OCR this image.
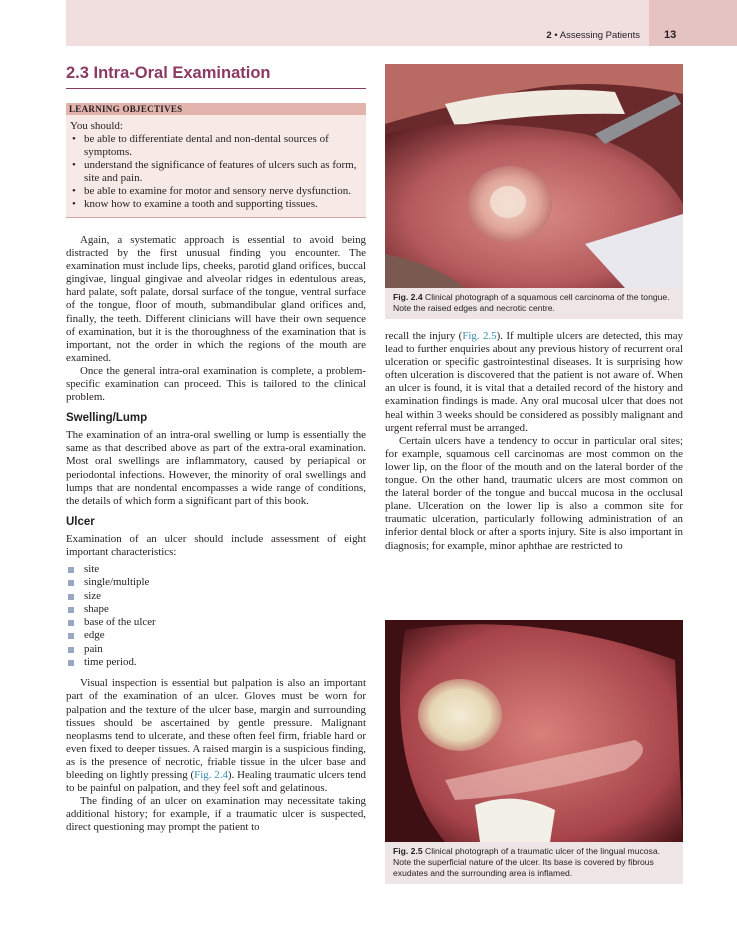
2 • Assessing Patients 13
2.3 Intra-Oral Examination
LEARNING OBJECTIVES
You should:
• be able to differentiate dental and non-dental sources of symptoms.
• understand the significance of features of ulcers such as form, site and pain.
• be able to examine for motor and sensory nerve dysfunction.
• know how to examine a tooth and supporting tissues.

Again, a systematic approach is essential to avoid being distracted by the first unusual finding you encounter. The examination must include lips, cheeks, parotid gland orifices, buccal gingivae, lingual gingivae and alveolar ridges in edentulous areas, hard palate, soft palate, dorsal surface of the tongue, ventral surface of the tongue, floor of mouth, submandibular gland orifices and, finally, the teeth. Different clinicians will have their own sequence of examination, but it is the thoroughness of the examination that is important, not the order in which the regions of the mouth are examined.

Once the general intra-oral examination is complete, a problem-specific examination can proceed. This is tailored to the clinical problem.

Swelling/Lump

The examination of an intra-oral swelling or lump is essentially the same as that described above as part of the extra-oral examination. Most oral swellings are inflammatory, caused by periapical or periodontal infections. However, the minority of oral swellings and lumps that are nondental encompasses a wide range of conditions, the details of which form a significant part of this book.

Ulcer

Examination of an ulcer should include assessment of eight important characteristics:

site
single/multiple
size
shape
base of the ulcer
edge
pain
time period.

Visual inspection is essential but palpation is also an important part of the examination of an ulcer. Gloves must be worn for palpation and the texture of the ulcer base, margin and surrounding tissues should be ascertained by gentle pressure. Malignant neoplasms tend to ulcerate, and these often feel firm, friable hard or even fixed to deeper tissues. A raised margin is a suspicious finding, as is the presence of necrotic, friable tissue in the ulcer base and bleeding on lightly pressing (Fig. 2.4). Healing traumatic ulcers tend to be painful on palpation, and they feel soft and gelatinous.

The finding of an ulcer on examination may necessitate taking additional history; for example, if a traumatic ulcer is suspected, direct questioning may prompt the patient to

Fig. 2.4 Clinical photograph of a squamous cell carcinoma of the tongue. Note the raised edges and necrotic centre.

recall the injury (Fig. 2.5). If multiple ulcers are detected, this may lead to further enquiries about any previous history of recurrent oral ulceration or specific gastrointestinal diseases. It is surprising how often ulceration is discovered that the patient is not aware of. When an ulcer is found, it is vital that a detailed record of the history and examination findings is made. Any oral mucosal ulcer that does not heal within 3 weeks should be considered as possibly malignant and urgent referral must be arranged.

Certain ulcers have a tendency to occur in particular oral sites; for example, squamous cell carcinomas are most common on the lower lip, on the floor of the mouth and on the lateral border of the tongue. On the other hand, traumatic ulcers are most common on the lateral border of the tongue and buccal mucosa in the occlusal plane. Ulceration on the lower lip is also a common site for traumatic ulceration, particularly following administration of an inferior dental block or after a sports injury. Site is also important in diagnosis; for example, minor aphthae are restricted to

Fig. 2.5 Clinical photograph of a traumatic ulcer of the lingual mucosa. Note the superficial nature of the ulcer. Its base is covered by fibrous exudates and the surrounding area is inflamed.
